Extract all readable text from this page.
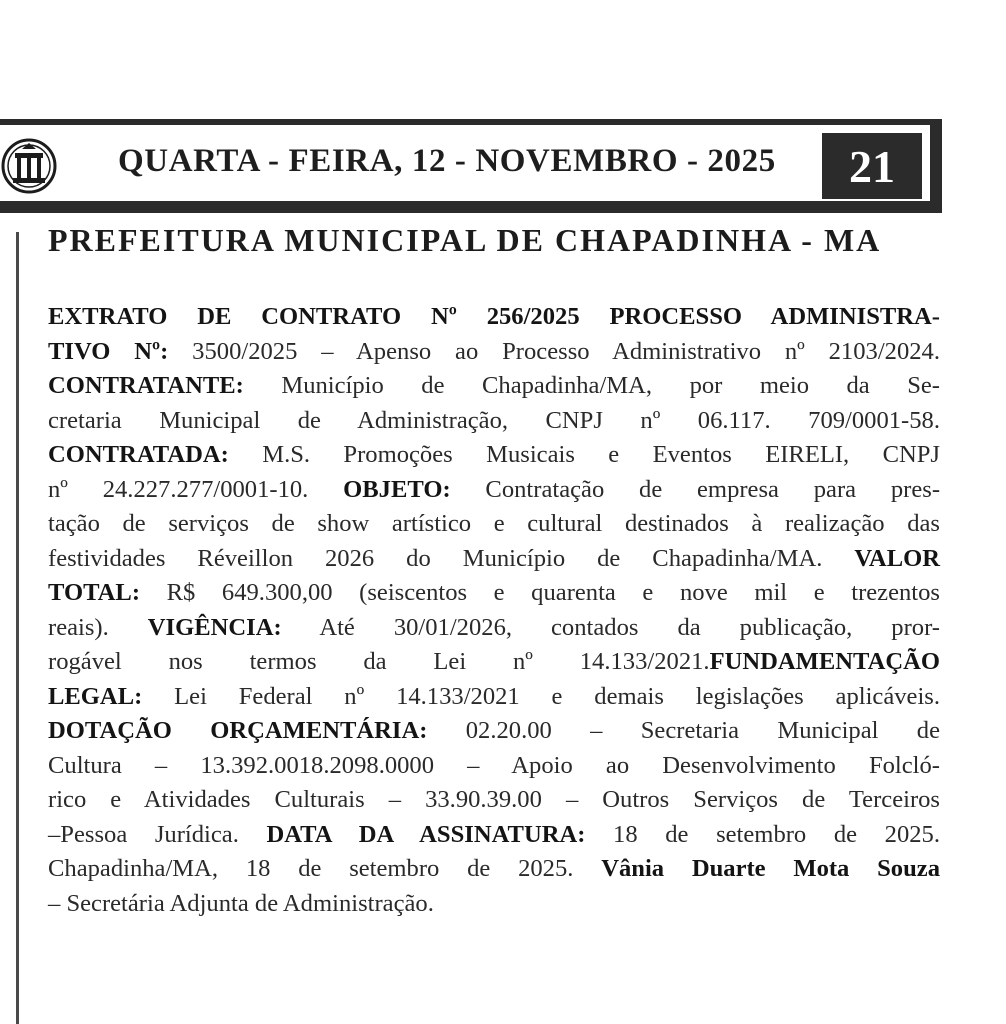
QUARTA - FEIRA, 12 - NOVEMBRO - 2025	21
PREFEITURA MUNICIPAL DE CHAPADINHA - MA
EXTRATO DE CONTRATO Nº 256/2025 PROCESSO ADMINISTRA-
TIVO Nº: 3500/2025 – Apenso ao Processo Administrativo nº 2103/2024.
CONTRATANTE: Município de Chapadinha/MA, por meio da Se-
cretaria Municipal de Administração, CNPJ nº 06.117. 709/0001-58.
CONTRATADA: M.S. Promoções Musicais e Eventos EIRELI, CNPJ
nº 24.227.277/0001-10. OBJETO: Contratação de empresa para pres-
tação de serviços de show artístico e cultural destinados à realização das
festividades Réveillon 2026 do Município de Chapadinha/MA. VALOR
TOTAL: R$ 649.300,00 (seiscentos e quarenta e nove mil e trezentos
reais). VIGÊNCIA: Até 30/01/2026, contados da publicação, pror-
rogável nos termos da Lei nº 14.133/2021.FUNDAMENTAÇÃO
LEGAL: Lei Federal nº 14.133/2021 e demais legislações aplicáveis.
DOTAÇÃO ORÇAMENTÁRIA: 02.20.00 – Secretaria Municipal de
Cultura – 13.392.0018.2098.0000 – Apoio ao Desenvolvimento Folcló-
rico e Atividades Culturais – 33.90.39.00 – Outros Serviços de Terceiros
–Pessoa Jurídica. DATA DA ASSINATURA: 18 de setembro de 2025.
Chapadinha/MA, 18 de setembro de 2025. Vânia Duarte Mota Souza
– Secretária Adjunta de Administração.
